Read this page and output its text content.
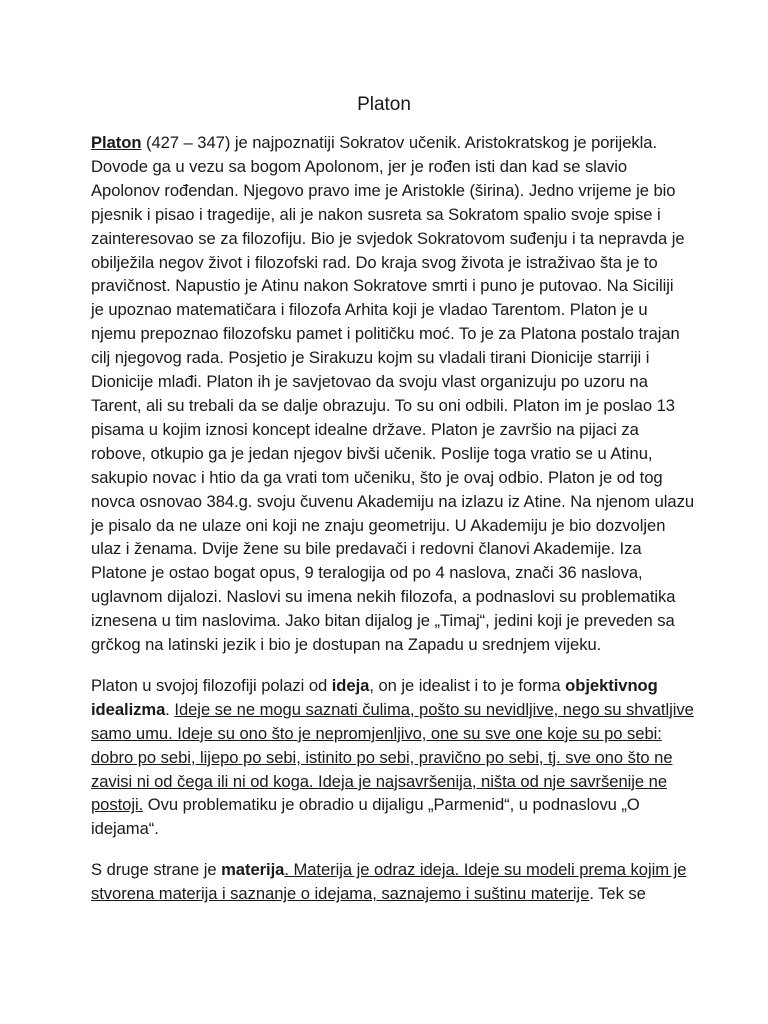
Platon

Platon (427 – 347) je najpoznatiji Sokratov učenik. Aristokratskog je porijekla.
Dovode ga u vezu sa bogom Apolonom, jer je rođen isti dan kad se slavio
Apolonov rođendan. Njegovo pravo ime je Aristokle (širina). Jedno vrijeme je bio
pjesnik i pisao i tragedije, ali je nakon susreta sa Sokratom spalio svoje spise i
zainteresovao se za filozofiju. Bio je svjedok Sokratovom suđenju i ta nepravda je
obilježila negov život i filozofski rad. Do kraja svog života je istraživao šta je to
pravičnost. Napustio je Atinu nakon Sokratove smrti i puno je putovao. Na Siciliji
je upoznao matematičara i filozofa Arhita koji je vladao Tarentom. Platon je u
njemu prepoznao filozofsku pamet i političku moć. To je za Platona postalo trajan
cilj njegovog rada. Posjetio je Sirakuzu kojm su vladali tirani Dionicije starriji i
Dionicije mlađi. Platon ih je savjetovao da svoju vlast organizuju po uzoru na
Tarent, ali su trebali da se dalje obrazuju. To su oni odbili. Platon im je poslao 13
pisama u kojim iznosi koncept idealne države. Platon je završio na pijaci za
robove, otkupio ga je jedan njegov bivši učenik. Poslije toga vratio se u Atinu,
sakupio novac i htio da ga vrati tom učeniku, što je ovaj odbio. Platon je od tog
novca osnovao 384.g. svoju čuvenu Akademiju na izlazu iz Atine. Na njenom ulazu
je pisalo da ne ulaze oni koji ne znaju geometriju. U Akademiju je bio dozvoljen
ulaz i ženama. Dvije žene su bile predavači i redovni članovi Akademije. Iza
Platone je ostao bogat opus, 9 teralogija od po 4 naslova, znači 36 naslova,
uglavnom dijalozi. Naslovi su imena nekih filozofa, a podnaslovi su problematika
iznesena u tim naslovima. Jako bitan dijalog je „Timaj“, jedini koji je preveden sa
grčkog na latinski jezik i bio je dostupan na Zapadu u srednjem vijeku.

Platon u svojoj filozofiji polazi od ideja, on je idealist i to je forma objektivnog
idealizma. Ideje se ne mogu saznati čulima, pošto su nevidljive, nego su shvatljive
samo umu. Ideje su ono što je nepromjenljivo, one su sve one koje su po sebi:
dobro po sebi, lijepo po sebi, istinito po sebi, pravično po sebi, tj. sve ono što ne
zavisi ni od čega ili ni od koga. Ideja je najsavršenija, ništa od nje savršenije ne
postoji. Ovu problematiku je obradio u dijaligu „Parmenid“, u podnaslovu „O
idejama“.

S druge strane je materija. Materija je odraz ideja. Ideje su modeli prema kojim je
stvorena materija i saznanje o idejama, saznajemo i suštinu materije. Tek se
